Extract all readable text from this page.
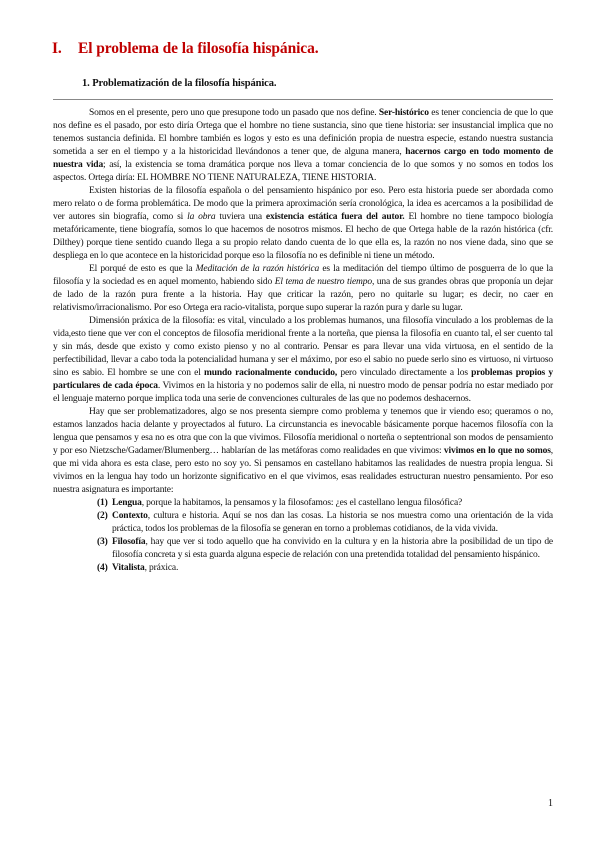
I. El problema de la filosofía hispánica.
1. Problematización de la filosofía hispánica.

Somos en el presente, pero uno que presupone todo un pasado que nos define. Ser-histórico es tener conciencia de que lo que nos define es el pasado, por esto diría Ortega que el hombre no tiene sustancia, sino que tiene historia: ser insustancial implica que no tenemos sustancia definida. El hombre también es logos y esto es una definición propia de nuestra especie, estando nuestra sustancia sometida a ser en el tiempo y a la historicidad llevándonos a tener que, de alguna manera, hacernos cargo en todo momento de nuestra vida; así, la existencia se toma dramática porque nos lleva a tomar conciencia de lo que somos y no somos en todos los aspectos. Ortega diría: EL HOMBRE NO TIENE NATURALEZA, TIENE HISTORIA.

Existen historias de la filosofía española o del pensamiento hispánico por eso. Pero esta historia puede ser abordada como mero relato o de forma problemática. De modo que la primera aproximación sería cronológica, la idea es acercamos a la posibilidad de ver autores sin biografía, como si la obra tuviera una existencia estática fuera del autor. El hombre no tiene tampoco biología metafóricamente, tiene biografía, somos lo que hacemos de nosotros mismos. El hecho de que Ortega hable de la razón histórica (cfr. Dilthey) porque tiene sentido cuando llega a su propio relato dando cuenta de lo que ella es, la razón no nos viene dada, sino que se despliega en lo que acontece en la historicidad porque eso la filosofía no es definible ni tiene un método.

El porqué de esto es que la Meditación de la razón histórica es la meditación del tiempo último de posguerra de lo que la filosofía y la sociedad es en aquel momento, habiendo sido El tema de nuestro tiempo, una de sus grandes obras que proponía un dejar de lado de la razón pura frente a la historia. Hay que criticar la razón, pero no quitarle su lugar; es decir, no caer en relativismo/irracionalismo. Por eso Ortega era racio-vitalista, porque supo superar la razón pura y darle su lugar.

Dimensión práxica de la filosofía: es vital, vinculado a los problemas humanos, una filosofía vinculado a los problemas de la vida,esto tiene que ver con el conceptos de filosofía meridional frente a la norteña, que piensa la filosofía en cuanto tal, el ser cuento tal y sin más, desde que existo y como existo pienso y no al contrario. Pensar es para llevar una vida virtuosa, en el sentido de la perfectibilidad, llevar a cabo toda la potencialidad humana y ser el máximo, por eso el sabio no puede serlo sino es virtuoso, ni virtuoso sino es sabio. El hombre se une con el mundo racionalmente conducido, pero vinculado directamente a los problemas propios y particulares de cada época. Vivimos en la historia y no podemos salir de ella, ni nuestro modo de pensar podría no estar mediado por el lenguaje materno porque implica toda una serie de convenciones culturales de las que no podemos deshacernos.

Hay que ser problematizadores, algo se nos presenta siempre como problema y tenemos que ir viendo eso; queramos o no, estamos lanzados hacia delante y proyectados al futuro. La circunstancia es inevocable básicamente porque hacemos filosofía con la lengua que pensamos y esa no es otra que con la que vivimos. Filosofía meridional o norteña o septentrional son modos de pensamiento y por eso Nietzsche/Gadamer/Blumenberg… hablarían de las metáforas como realidades en que vivimos: vivimos en lo que no somos, que mi vida ahora es esta clase, pero esto no soy yo. Si pensamos en castellano habitamos las realidades de nuestra propia lengua. Si vivimos en la lengua hay todo un horizonte significativo en el que vivimos, esas realidades estructuran nuestro pensamiento. Por eso nuestra asignatura es importante:

(1) Lengua, porque la habitamos, la pensamos y la filosofamos: ¿es el castellano lengua filosófica?
(2) Contexto, cultura e historia. Aquí se nos dan las cosas. La historia se nos muestra como una orientación de la vida práctica, todos los problemas de la filosofía se generan en torno a problemas cotidianos, de la vida vivida.
(3) Filosofía, hay que ver si todo aquello que ha convivido en la cultura y en la historia abre la posibilidad de un tipo de filosofía concreta y si esta guarda alguna especie de relación con una pretendida totalidad del pensamiento hispánico.
(4) Vitalista, práxica.
1
